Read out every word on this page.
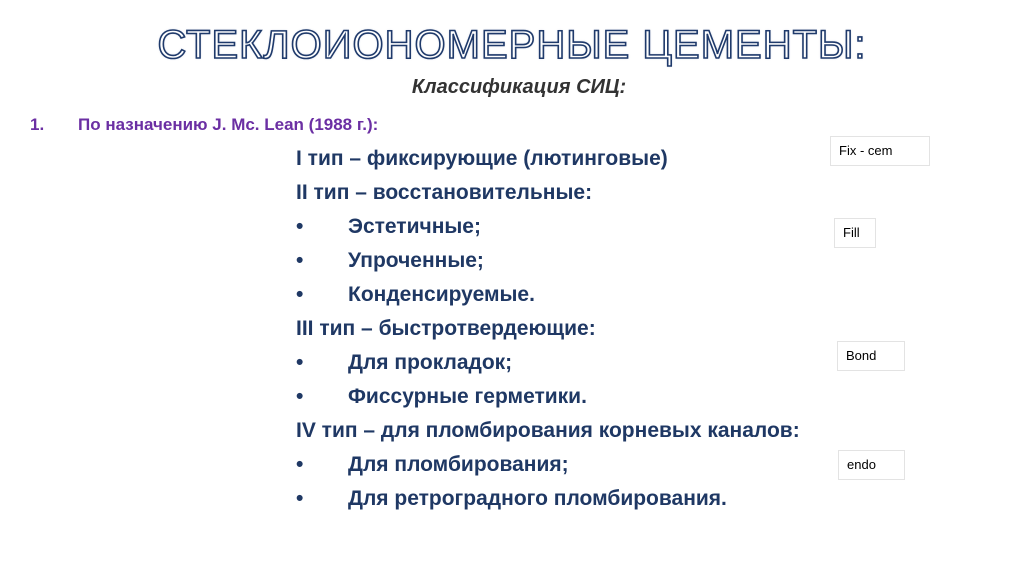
СТЕКЛОИОНОМЕРНЫЕ ЦЕМЕНТЫ:
Классификация СИЦ:
1. По назначению J. Mc. Lean (1988 г.):
I тип – фиксирующие (лютинговые)
II тип – восстановительные:
• Эстетичные;
• Упроченные;
• Конденсируемые.
III тип – быстротвердеющие:
• Для прокладок;
• Фиссурные герметики.
IV тип – для пломбирования корневых каналов:
• Для пломбирования;
• Для ретроградного пломбирования.
Fix - cem
Fill
Bond
endo
